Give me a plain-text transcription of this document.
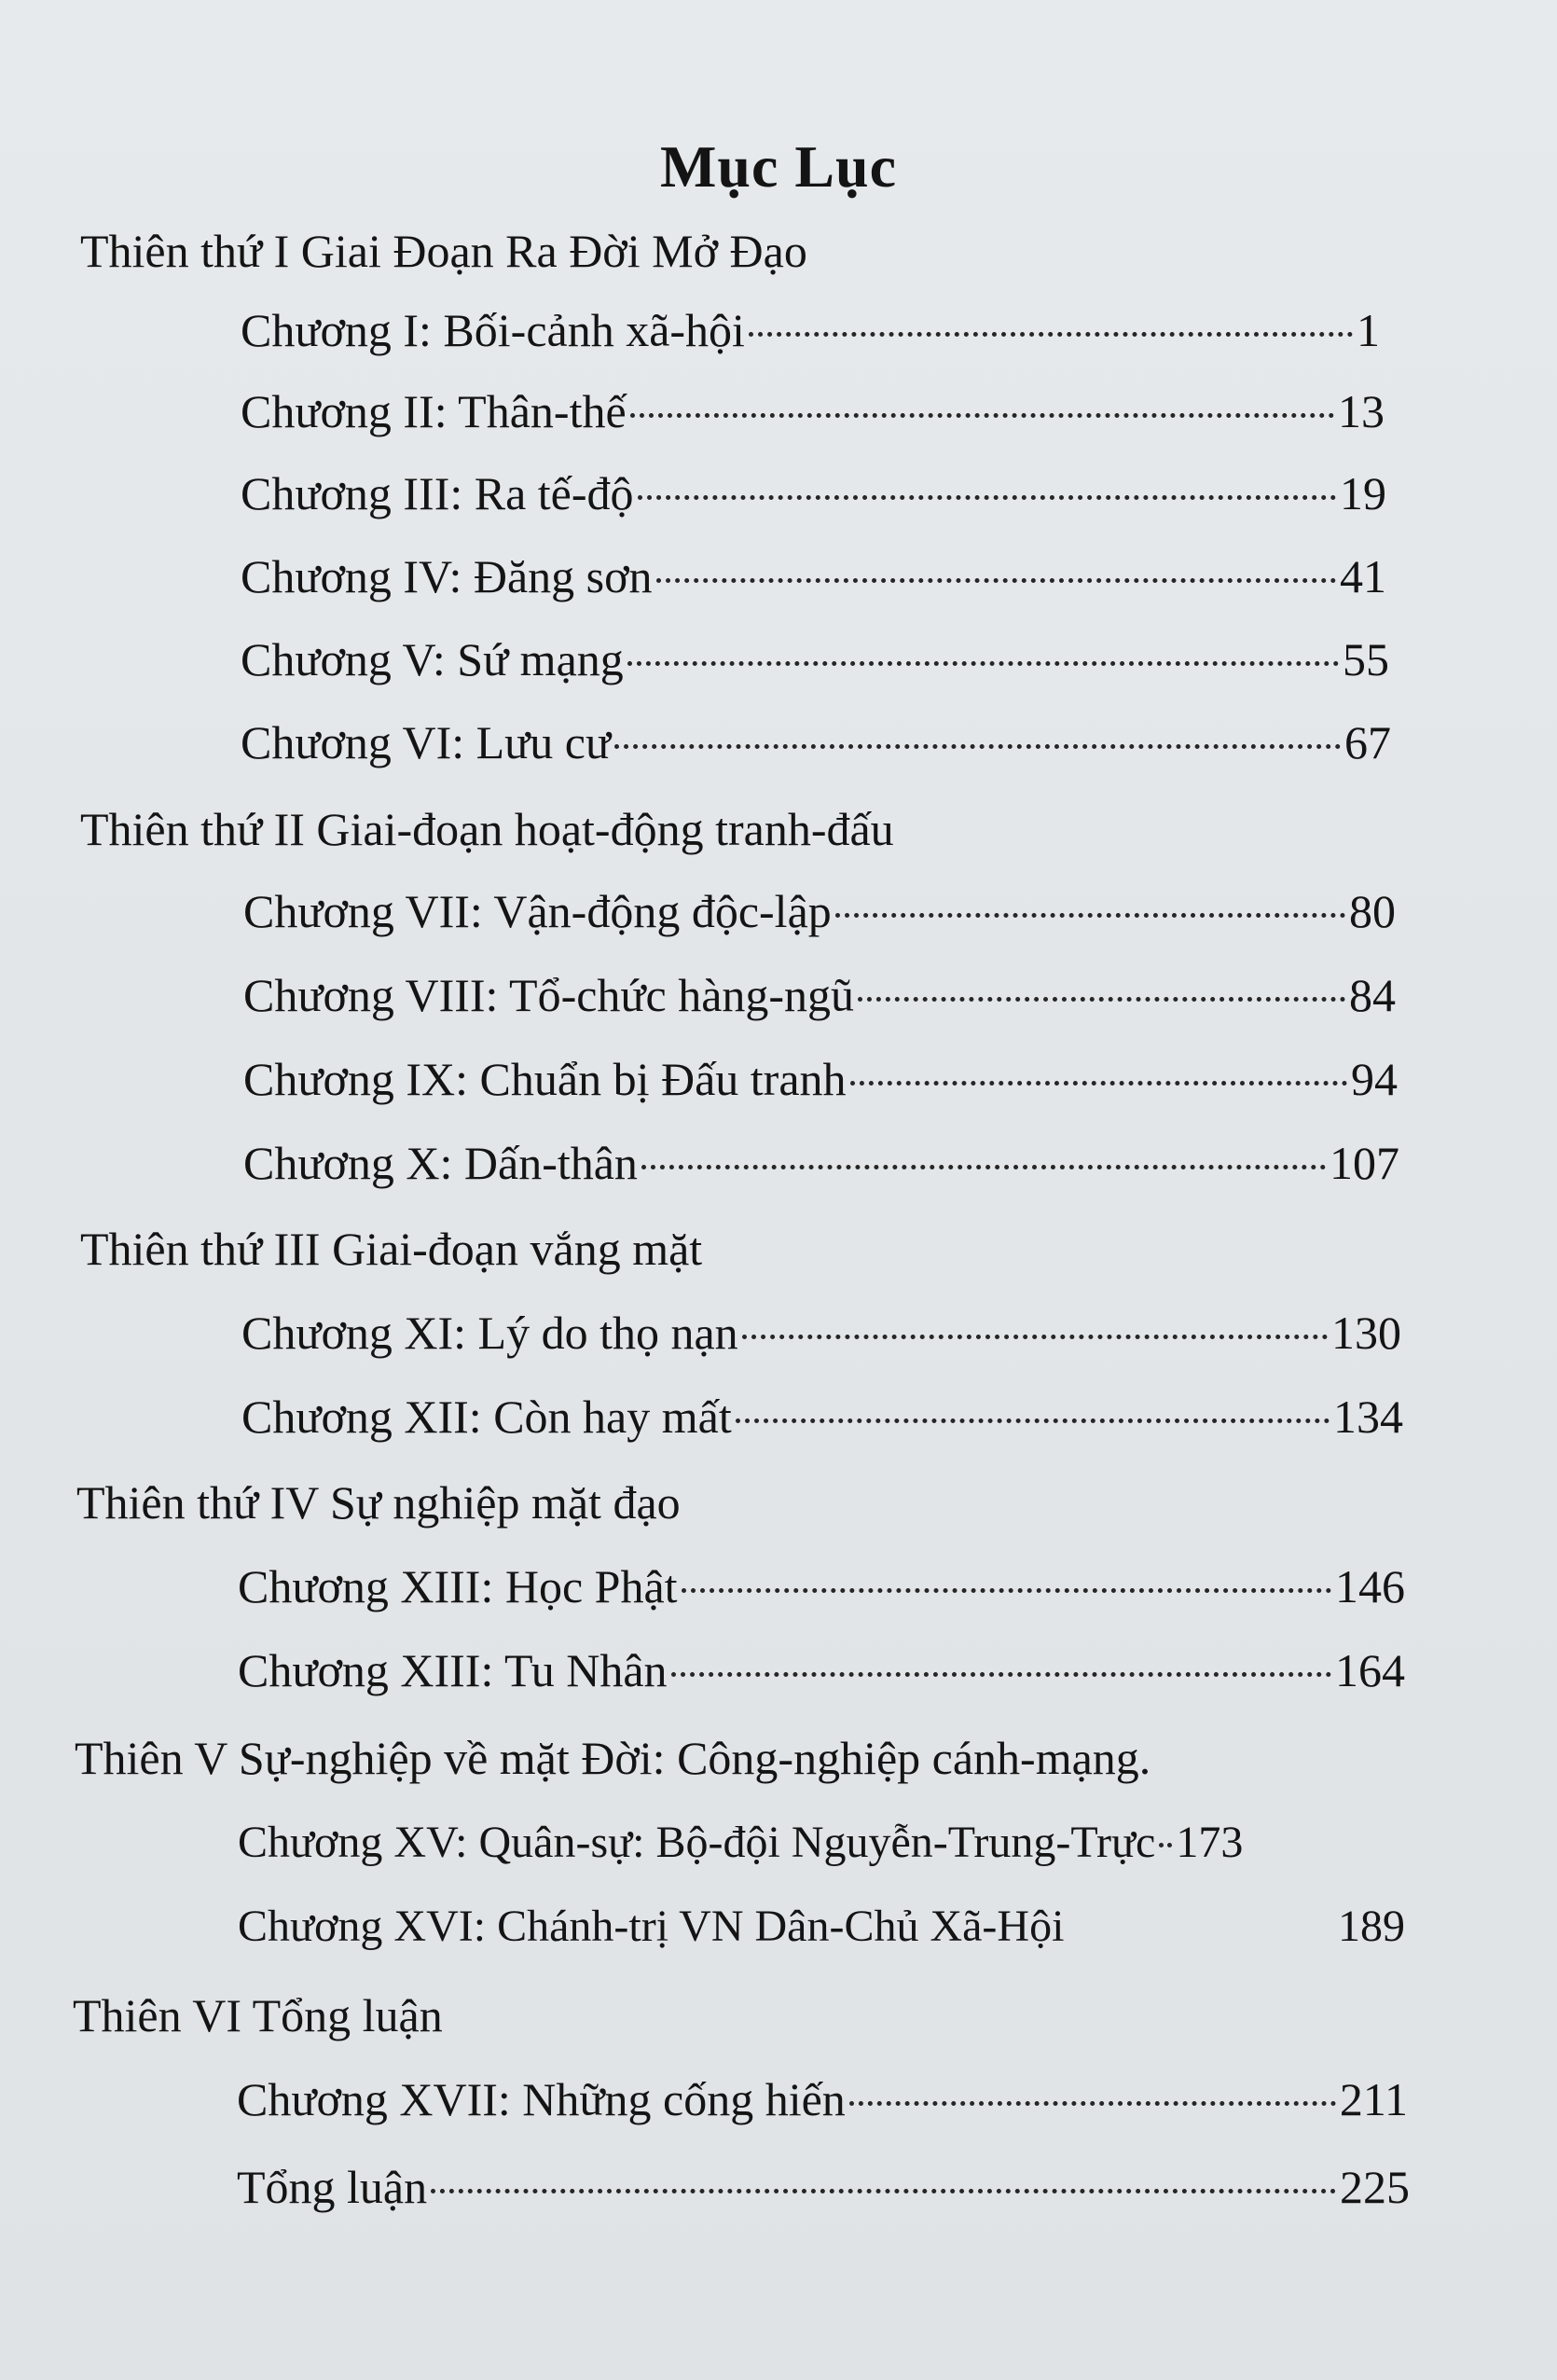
Mục Lục
Thiên thứ I Giai Đoạn Ra Đời Mở Đạo
Chương I: Bối-cảnh xã-hội	1
Chương II: Thân-thế	13
Chương III: Ra tế-độ	19
Chương IV: Đăng sơn	41
Chương V: Sứ mạng	55
Chương VI: Lưu cư	67
Thiên thứ II Giai-đoạn hoạt-động tranh-đấu
Chương VII: Vận-động độc-lập	80
Chương VIII: Tổ-chức hàng-ngũ	84
Chương IX: Chuẩn bị Đấu tranh	94
Chương X: Dấn-thân	107
Thiên thứ III Giai-đoạn vắng mặt
Chương XI: Lý do thọ nạn	130
Chương XII: Còn hay mất	134
Thiên thứ IV Sự nghiệp mặt đạo
Chương XIII: Học Phật	146
Chương XIII: Tu Nhân	164
Thiên V Sự-nghiệp về mặt Đời: Công-nghiệp cánh-mạng.
Chương XV: Quân-sự: Bộ-đội Nguyễn-Trung-Trực 173
Chương XVI: Chánh-trị VN Dân-Chủ Xã-Hội	189
Thiên VI Tổng luận
Chương XVII: Những cống hiến	211
Tổng luận	225
